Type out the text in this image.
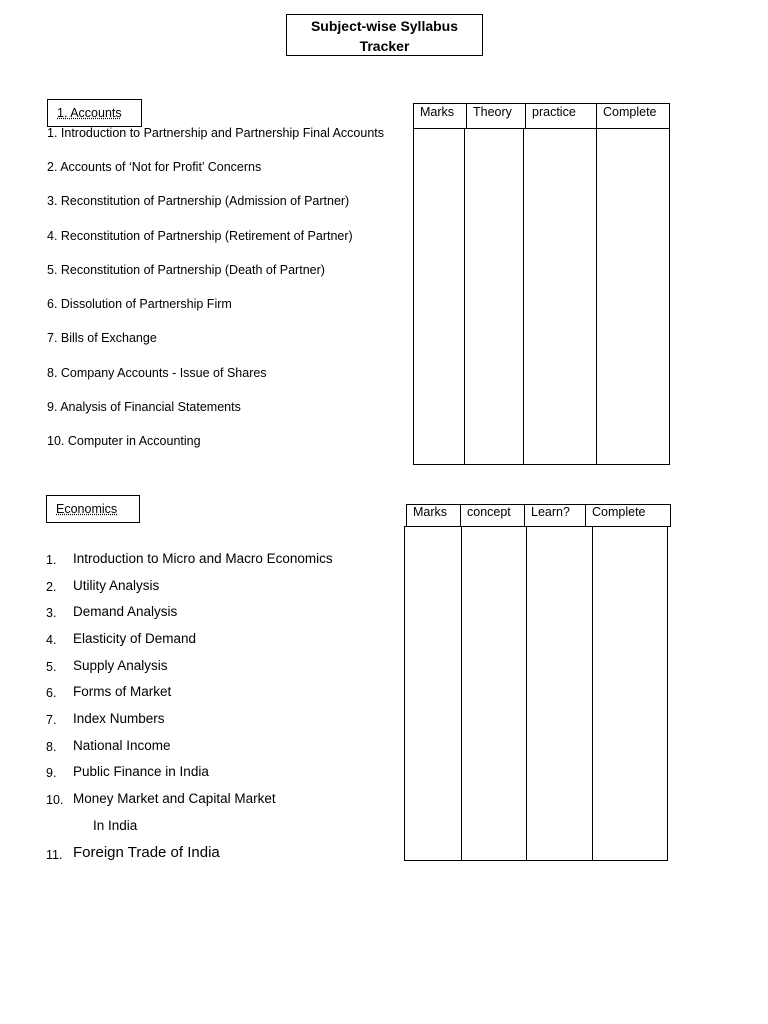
Subject-wise Syllabus
Tracker
1. Accounts
1. Introduction to Partnership and Partnership Final Accounts
2. Accounts of ‘Not for Profit’ Concerns
3. Reconstitution of Partnership (Admission of Partner)
4. Reconstitution of Partnership (Retirement of Partner)
5. Reconstitution of Partnership (Death of Partner)
6. Dissolution of Partnership Firm
7. Bills of Exchange
8. Company Accounts - Issue of Shares
9. Analysis of Financial Statements
10. Computer in Accounting
Marks	Theory	practice	Complete
Economics
1. Introduction to Micro and Macro Economics
2. Utility Analysis
3. Demand Analysis
4. Elasticity of Demand
5. Supply Analysis
6. Forms of Market
7. Index Numbers
8. National Income
9. Public Finance in India
10. Money Market and Capital Market
In India
11. Foreign Trade of India
Marks	concept	Learn?	Complete
